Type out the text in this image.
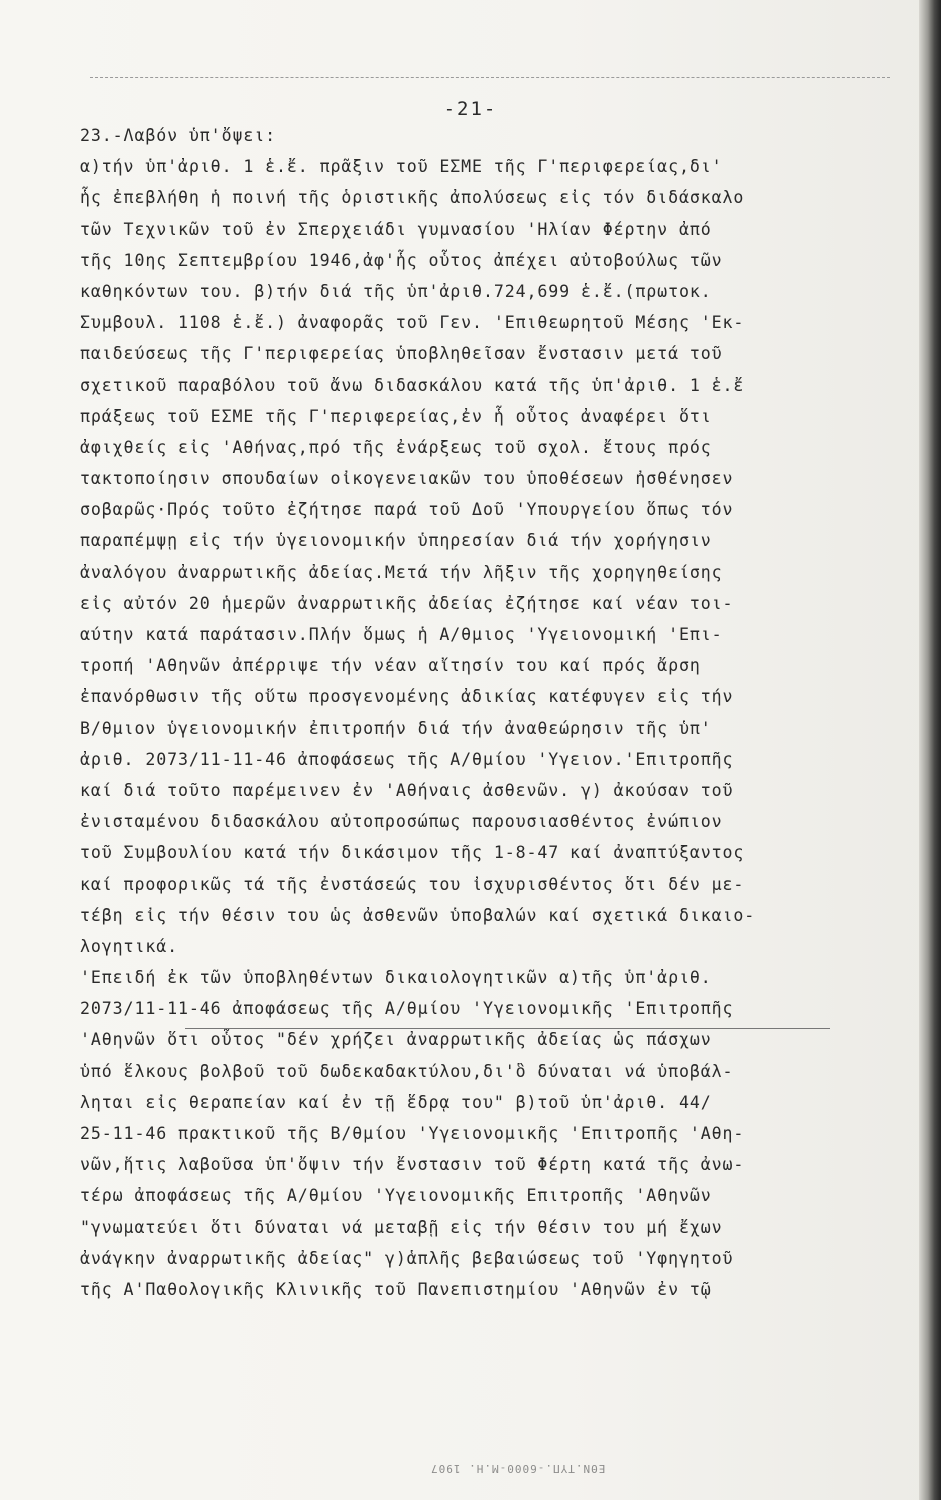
-21-
23.-Λαβόν ὑπ'ὄψει:
α)τήν ὑπ'ἀριθ. 1 ἑ.ἔ. πρᾶξιν τοῦ ΕΣΜΕ τῆς Γ'περιφερείας,δι'
ἧς ἐπεβλήθη ἡ ποινή τῆς ὁριστικῆς ἀπολύσεως εἰς τόν διδάσκαλο
τῶν Τεχνικῶν τοῦ ἐν Σπερχειάδι γυμνασίου 'Ηλίαν Φέρτην ἀπό
τῆς 10ης Σεπτεμβρίου 1946,ἀφ'ἧς οὗτος ἀπέχει αὐτοβούλως τῶν
καθηκόντων του. β)τήν διά τῆς ὑπ'ἀριθ.724,699 ἑ.ἔ.(πρωτοκ.
Συμβουλ. 1108 ἑ.ἔ.) ἀναφορᾶς τοῦ Γεν. 'Επιθεωρητοῦ Μέσης 'Εκ-
παιδεύσεως τῆς Γ'περιφερείας ὑποβληθεῖσαν ἔνστασιν μετά τοῦ
σχετικοῦ παραβόλου τοῦ ἄνω διδασκάλου κατά τῆς ὑπ'ἀριθ. 1 ἑ.ἔ
πράξεως τοῦ ΕΣΜΕ τῆς Γ'περιφερείας,ἐν ἧ οὗτος ἀναφέρει ὅτι
ἀφιχθείς εἰς 'Αθήνας,πρό τῆς ἐνάρξεως τοῦ σχολ. ἔτους πρός
τακτοποίησιν σπουδαίων οἰκογενειακῶν του ὑποθέσεων ἠσθένησεν
σοβαρῶς·Πρός τοῦτο ἐζήτησε παρά τοῦ Δοῦ 'Υπουργείου ὅπως τόν
παραπέμψῃ εἰς τήν ὑγειονομικήν ὑπηρεσίαν διά τήν χορήγησιν
ἀναλόγου ἀναρρωτικῆς ἀδείας.Μετά τήν λῆξιν τῆς χορηγηθείσης
εἰς αὐτόν 20 ἡμερῶν ἀναρρωτικῆς ἀδείας ἐζήτησε καί νέαν τοι-
αύτην κατά παράτασιν.Πλήν ὅμως ἡ Α/θμιος 'Υγειονομική 'Επι-
τροπή 'Αθηνῶν ἀπέρριψε τήν νέαν αἴτησίν του καί πρός ἄρση
ἐπανόρθωσιν τῆς οὕτω προσγενομένης ἀδικίας κατέφυγεν εἰς τήν
Β/θμιον ὑγειονομικήν ἐπιτροπήν διά τήν ἀναθεώρησιν τῆς ὑπ'
ἀριθ. 2073/11-11-46 ἀποφάσεως τῆς Α/θμίου 'Υγειον.'Επιτροπῆς
καί διά τοῦτο παρέμεινεν ἐν 'Αθήναις ἀσθενῶν. γ) ἀκούσαν τοῦ
ἐνισταμένου διδασκάλου αὐτοπροσώπως παρουσιασθέντος ἐνώπιον
τοῦ Συμβουλίου κατά τήν δικάσιμον τῆς 1-8-47 καί ἀναπτύξαντος
καί προφορικῶς τά τῆς ἐνστάσεώς του ἰσχυρισθέντος ὅτι δέν με-
τέβη εἰς τήν θέσιν του ὡς ἀσθενῶν ὑποβαλών καί σχετικά δικαιο-
λογητικά.
'Επειδή ἐκ τῶν ὑποβληθέντων δικαιολογητικῶν α)τῆς ὑπ'ἀριθ.
2073/11-11-46 ἀποφάσεως τῆς Α/θμίου 'Υγειονομικῆς 'Επιτροπῆς
'Αθηνῶν ὅτι οὗτος "δέν χρήζει ἀναρρωτικῆς ἀδείας ὡς πάσχων
ὑπό ἕλκους βολβοῦ τοῦ δωδεκαδακτύλου,δι'ὃ δύναται νά ὑποβάλ-
ληται εἰς θεραπείαν καί ἐν τῇ ἕδρᾳ του" β)τοῦ ὑπ'ἀριθ. 44/
25-11-46 πρακτικοῦ τῆς Β/θμίου 'Υγειονομικῆς 'Επιτροπῆς 'Αθη-
νῶν,ἥτις λαβοῦσα ὑπ'ὄψιν τήν ἔνστασιν τοῦ Φέρτη κατά τῆς ἀνω-
τέρω ἀποφάσεως τῆς Α/θμίου 'Υγειονομικῆς Επιτροπῆς 'Αθηνῶν
"γνωματεύει ὅτι δύναται νά μεταβῇ εἰς τήν θέσιν του μή ἔχων
ἀνάγκην ἀναρρωτικῆς ἀδείας" γ)ἁπλῆς βεβαιώσεως τοῦ 'Υφηγητοῦ
τῆς Α'Παθολογικῆς Κλινικῆς τοῦ Πανεπιστημίου 'Αθηνῶν ἐν τῷ
ΕΘΝ.ΤΥΠ.-6000-Μ.Η. 1907
